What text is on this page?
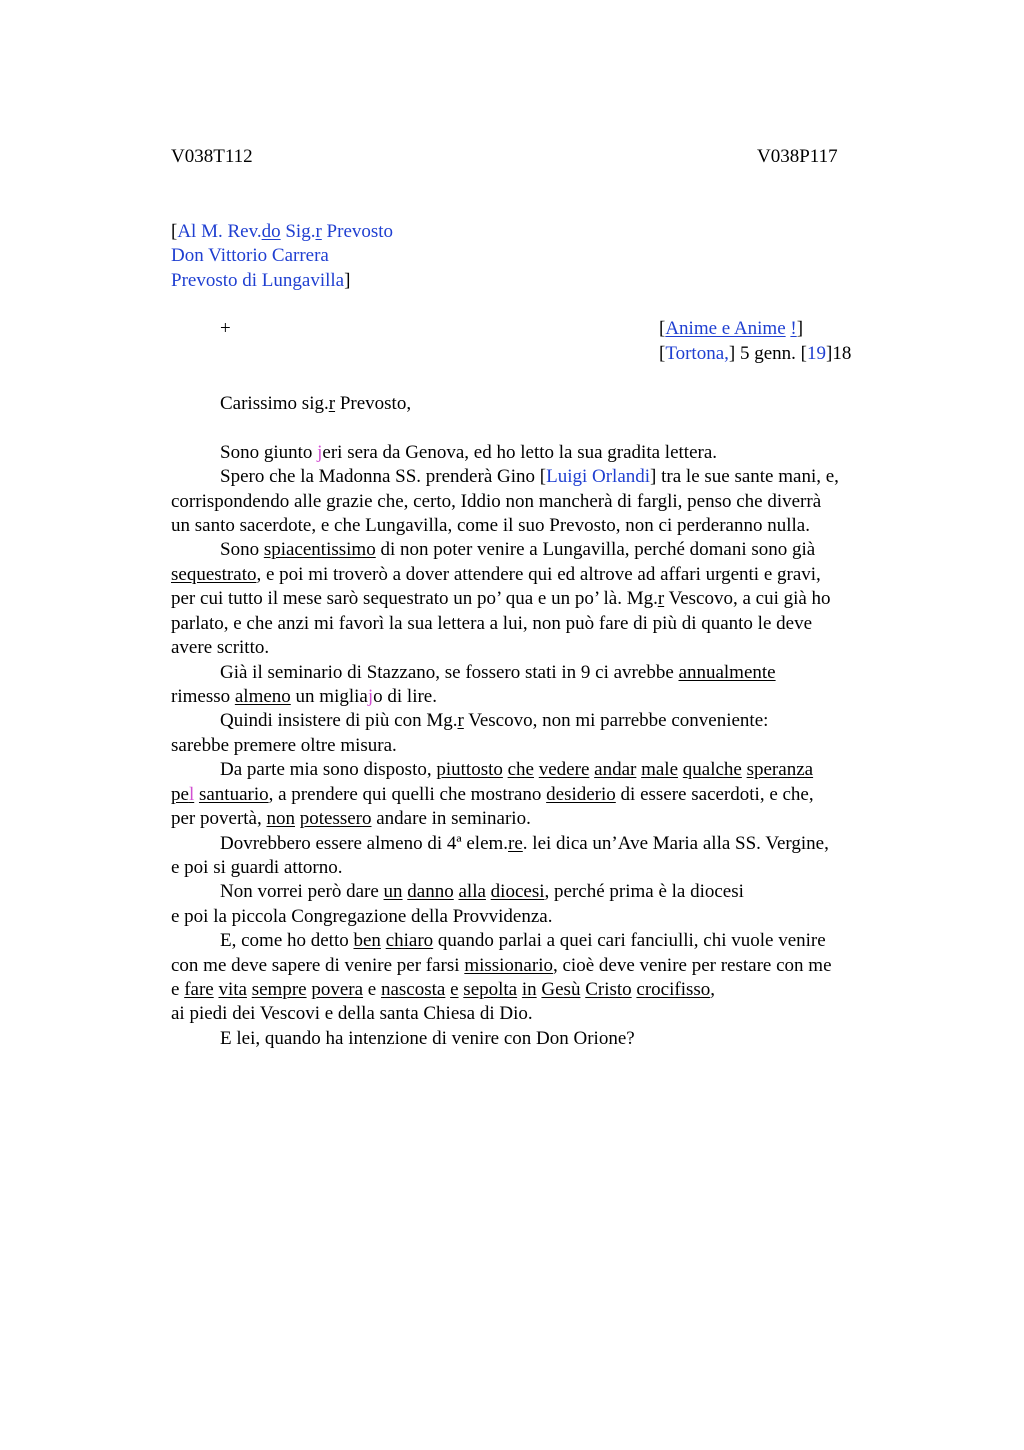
V038T112	V038P117
[Al M. Rev.do Sig.r Prevosto
Don Vittorio Carrera
Prevosto di Lungavilla]
+	[Anime e Anime !]
[Tortona,] 5 genn. [19]18
Carissimo sig.r Prevosto,
Sono giunto jeri sera da Genova, ed ho letto la sua gradita lettera.
Spero che la Madonna SS. prenderà Gino [Luigi Orlandi] tra le sue sante mani, e,
corrispondendo alle grazie che, certo, Iddio non mancherà di fargli, penso che diverrà
un santo sacerdote, e che Lungavilla, come il suo Prevosto, non ci perderanno nulla.
Sono spiacentissimo di non poter venire a Lungavilla, perché domani sono già
sequestrato, e poi mi troverò a dover attendere qui ed altrove ad affari urgenti e gravi,
per cui tutto il mese sarò sequestrato un po’ qua e un po’ là. Mg.r Vescovo, a cui già ho
parlato, e che anzi mi favorì la sua lettera a lui, non può fare di più di quanto le deve
avere scritto.
Già il seminario di Stazzano, se fossero stati in 9 ci avrebbe annualmente
rimesso almeno un migliajo di lire.
Quindi insistere di più con Mg.r Vescovo, non mi parrebbe conveniente:
sarebbe premere oltre misura.
Da parte mia sono disposto, piuttosto che vedere andar male qualche speranza
pel santuario, a prendere qui quelli che mostrano desiderio di essere sacerdoti, e che,
per povertà, non potessero andare in seminario.
Dovrebbero essere almeno di 4ª elem.re. lei dica un’Ave Maria alla SS. Vergine,
e poi si guardi attorno.
Non vorrei però dare un danno alla diocesi, perché prima è la diocesi
e poi la piccola Congregazione della Provvidenza.
E, come ho detto ben chiaro quando parlai a quei cari fanciulli, chi vuole venire
con me deve sapere di venire per farsi missionario, cioè deve venire per restare con me
e fare vita sempre povera e nascosta e sepolta in Gesù Cristo crocifisso,
ai piedi dei Vescovi e della santa Chiesa di Dio.
E lei, quando ha intenzione di venire con Don Orione?
